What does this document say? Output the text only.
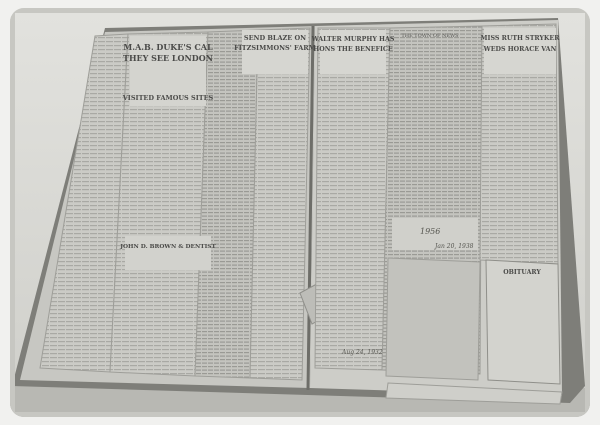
M.A.B. DUKE'S CAL
THEY SEE LONDON
VISITED FAMOUS SITES
SEND BLAZE ON
FITZSIMMONS' FARM
JOHN D. BROWN & DENTIST
WALTER MURPHY HAS
HONS THE BENEFICE
THE TOWN OF NEWS	MISS RUTH STRYKER
WEDS HORACE VAN
1956
Jan 20, 1938
Aug 24, 1932
OBITUARY
